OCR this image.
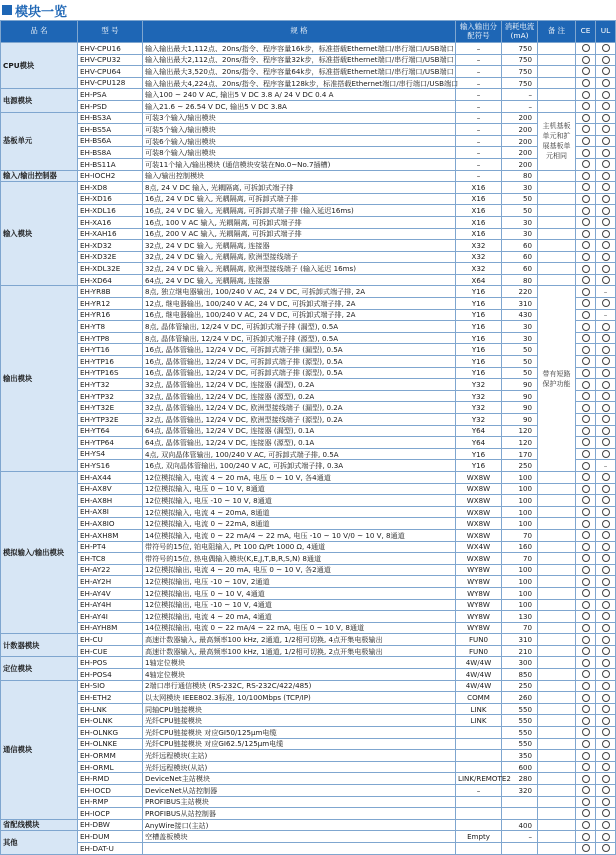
模块一览
品 名	型 号	规 格	输入输出分配符号	消耗电流(mA)	备 注	CE	UL
CPU模块	EHV-CPU16	输入输出最大1,112点、20ns/指令、程序容量16k步，标准搭载Ethernet端口/串行端口/USB端口	–	750			
	EHV-CPU32	输入输出最大2,112点、20ns/指令、程序容量32k步，标准搭载Ethernet端口/串行端口/USB端口	–	750			
	EHV-CPU64	输入输出最大3,520点、20ns/指令、程序容量64k步，标准搭载Ethernet端口/串行端口/USB端口	–	750			
	EHV-CPU128	输入输出最大4,224点、20ns/指令、程序容量128k步，标准搭载Ethernet端口/串行端口/USB端口	–	750			
电源模块	EH-PSA	输入100 ~ 240 V AC, 输出5 V DC 3.8 A/ 24 V DC 0.4 A	–	–			
	EH-PSD	输入21.6 ~ 26.54 V DC, 输出5 V DC 3.8A	–	–			
基板单元	EH-BS3A	可装3个输入/输出模块	–	200	主机基板单元和扩展基板单元相同		
	EH-BS5A	可装5个输入/输出模块	–	200			
	EH-BS6A	可装6个输入/输出模块	–	200			
	EH-BS8A	可装8个输入/输出模块	–	200			
	EH-BS11A	可装11个输入/输出模块 (通信模块安装在No.0~No.7插槽)	–	200			
输入/输出控制器	EH-IOCH2	输入/输出控制模块	–	80			
输入模块	EH-XD8	8点, 24 V DC 输入, 光耦隔离, 可拆卸式端子排	X16	30			
	EH-XD16	16点, 24 V DC 输入, 光耦隔离, 可拆卸式端子排	X16	50			
	EH-XDL16	16点, 24 V DC 输入, 光耦隔离, 可拆卸式端子排 (输入延迟16ms)	X16	50			
	EH-XA16	16点, 100 V AC 输入, 光耦隔离, 可拆卸式端子排	X16	30			
	EH-XAH16	16点, 200 V AC 输入, 光耦隔离, 可拆卸式端子排	X16	30			
	EH-XD32	32点, 24 V DC 输入, 光耦隔离, 连接器	X32	60			
	EH-XD32E	32点, 24 V DC 输入, 光耦隔离, 欧洲型接线端子	X32	60			
	EH-XDL32E	32点, 24 V DC 输入, 光耦隔离, 欧洲型接线端子 (输入延迟 16ms)	X32	60			
	EH-XD64	64点, 24 V DC 输入, 光耦隔离, 连接器	X64	80			
输出模块	EH-YR8B	8点, 独立继电器输出, 100/240 V AC, 24 V DC, 可拆卸式端子排, 2A	Y16	220	带有短路保护功能		–
	EH-YR12	12点, 继电器输出, 100/240 V AC, 24 V DC, 可拆卸式端子排, 2A	Y16	310			
	EH-YR16	16点, 继电器输出, 100/240 V AC, 24 V DC, 可拆卸式端子排, 2A	Y16	430			–
	EH-YT8	8点, 晶体管输出, 12/24 V DC, 可拆卸式端子排 (漏型), 0.5A	Y16	30			
	EH-YTP8	8点, 晶体管输出, 12/24 V DC, 可拆卸式端子排 (源型), 0.5A	Y16	30			
	EH-YT16	16点, 晶体管输出, 12/24 V DC, 可拆卸式端子排 (漏型), 0.5A	Y16	50			
	EH-YTP16	16点, 晶体管输出, 12/24 V DC, 可拆卸式端子排 (源型), 0.5A	Y16	50			
	EH-YTP16S	16点, 晶体管输出, 12/24 V DC, 可拆卸式端子排 (源型), 0.5A	Y16	50			
	EH-YT32	32点, 晶体管输出, 12/24 V DC, 连接器 (漏型), 0.2A	Y32	90			
	EH-YTP32	32点, 晶体管输出, 12/24 V DC, 连接器 (源型), 0.2A	Y32	90			
	EH-YT32E	32点, 晶体管输出, 12/24 V DC, 欧洲型接线端子 (漏型), 0.2A	Y32	90			
	EH-YTP32E	32点, 晶体管输出, 12/24 V DC, 欧洲型接线端子 (源型), 0.2A	Y32	90			
	EH-YT64	64点, 晶体管输出, 12/24 V DC, 连接器 (漏型), 0.1A	Y64	120			
	EH-YTP64	64点, 晶体管输出, 12/24 V DC, 连接器 (源型), 0.1A	Y64	120			
	EH-YS4	4点, 双向晶体管输出, 100/240 V AC, 可拆卸式端子排, 0.5A	Y16	170			
	EH-YS16	16点, 双向晶体管输出, 100/240 V AC, 可拆卸式端子排, 0.3A	Y16	250			–
模拟输入/输出模块	EH-AX44	12位模拟输入, 电流 4 ~ 20 mA, 电压 0 ~ 10 V, 各4通道	WX8W	100			
	EH-AX8V	12位模拟输入, 电压 0 ~ 10 V, 8通道	WX8W	100			
	EH-AX8H	12位模拟输入, 电压 -10 ~ 10 V, 8通道	WX8W	100			
	EH-AX8I	12位模拟输入, 电流 4 ~ 20mA, 8通道	WX8W	100			
	EH-AX8IO	12位模拟输入, 电流 0 ~ 22mA, 8通道	WX8W	100			
	EH-AXH8M	14位模拟输入, 电流 0 ~ 22 mA/4 ~ 22 mA, 电压 -10 ~ 10 V/0 ~ 10 V, 8通道	WX8W	70			
	EH-PT4	带符号的15位, 铂电阻输入, Pt 100 Ω/Pt 1000 Ω, 4通道	WX4W	160			
	EH-TC8	带符号的15位, 热电偶输入模块(K,E,J,T,B,R,S,N) 8通道	WX8W	70			
	EH-AY22	12位模拟输出, 电流 4 ~ 20 mA, 电压 0 ~ 10 V, 各2通道	WY8W	100			
	EH-AY2H	12位模拟输出, 电压 -10 ~ 10V, 2通道	WY8W	100			
	EH-AY4V	12位模拟输出, 电压 0 ~ 10 V, 4通道	WY8W	100			
	EH-AY4H	12位模拟输出, 电压 -10 ~ 10 V, 4通道	WY8W	100			
	EH-AY4I	12位模拟输出, 电流 4 ~ 20 mA, 4通道	WY8W	130			
	EH-AYH8M	14位模拟输出, 电流 0 ~ 22 mA/4 ~ 22 mA, 电压 0 ~ 10 V, 8通道	WY8W	70			
计数器模块	EH-CU	高速计数器输入, 最高频率100 kHz, 2通道, 1/2相可切换, 4点开集电极输出	FUN0	310			
	EH-CUE	高速计数器输入, 最高频率100 kHz, 1通道, 1/2相可切换, 2点开集电极输出	FUN0	210			
定位模块	EH-POS	1轴定位模块	4W/4W	300			
	EH-POS4	4轴定位模块	4W/4W	850			
通信模块	EH-SIO	2端口串行通信模块 (RS-232C, RS-232C/422/485)	4W/4W	250			
	EH-ETH2	以太网模块 IEEE802.3标准, 10/100Mbps (TCP/IP)	COMM	260			
	EH-LNK	同轴CPU链接模块	LINK	550			
	EH-OLNK	光纤CPU链接模块	LINK	550			
	EH-OLNKG	光纤CPU链接模块 对应GI50/125μm电缆		550			
	EH-OLNKE	光纤CPU链接模块 对应GI62.5/125μm电缆		550			
	EH-ORMM	光纤远程模块(主站)		350			
	EH-ORML	光纤远程模块(从站)		600			
	EH-RMD	DeviceNet主站模块	LINK/REMOTE2	280			
	EH-IOCD	DeviceNet从站控制器	–	320			
	EH-RMP	PROFIBUS主站模块					
	EH-IOCP	PROFIBUS从站控制器					
省配线模块	EH-DBW	AnyWire接口(主站)		400			
其他	EH-DUM	空槽盖板模块	Empty	–			
	EH-DAT-U						
